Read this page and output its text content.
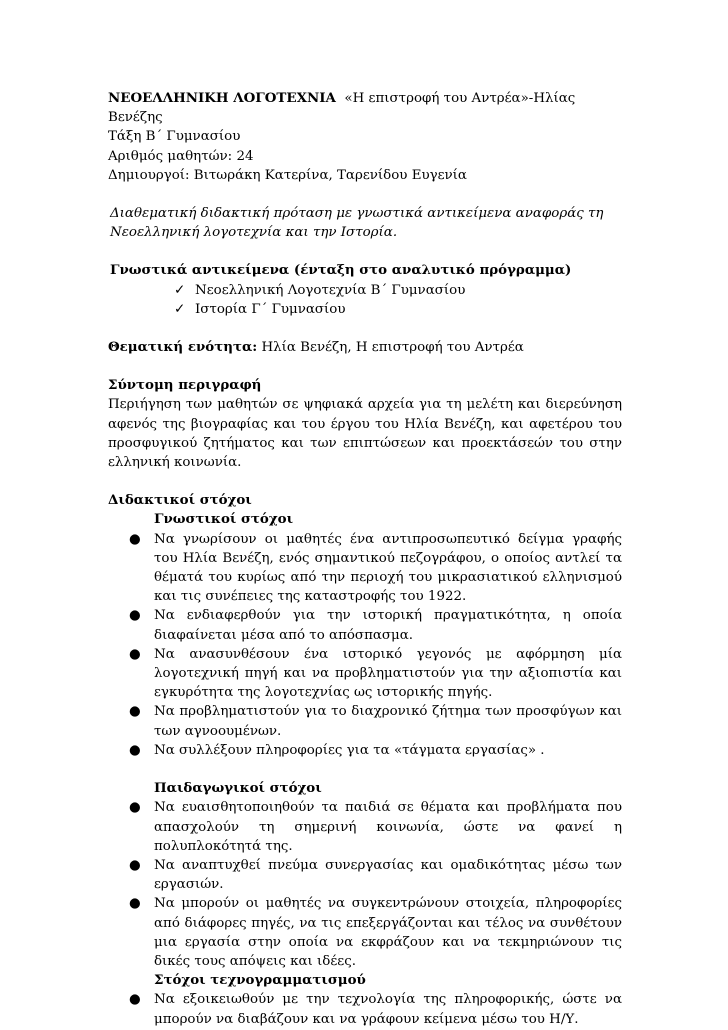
ΝΕΟΕΛΛΗΝΙΚΗ ΛΟΓΟΤΕΧΝΙΑ «Η επιστροφή του Αντρέα»-Ηλίας Βενέζης

Τάξη Β΄ Γυμνασίου

Αριθμός μαθητών: 24

Δημιουργοί: Βιτωράκη Κατερίνα, Ταρενίδου Ευγενία

Διαθεματική διδακτική πρόταση με γνωστικά αντικείμενα αναφοράς τη Νεοελληνική λογοτεχνία και την Ιστορία.

Γνωστικά αντικείμενα (ένταξη στο αναλυτικό πρόγραμμα)

✓ Νεοελληνική Λογοτεχνία Β΄ Γυμνασίου
✓ Ιστορία Γ΄ Γυμνασίου

Θεματική ενότητα: Ηλία Βενέζη, Η επιστροφή του Αντρέα

Σύντομη περιγραφή

Περιήγηση των μαθητών σε ψηφιακά αρχεία για τη μελέτη και διερεύνηση αφενός της βιογραφίας και του έργου του Ηλία Βενέζη, και αφετέρου του προσφυγικού ζητήματος και των επιπτώσεων και προεκτάσεών του στην ελληνική κοινωνία.

Διδακτικοί στόχοι

Γνωστικοί στόχοι

● Να γνωρίσουν οι μαθητές ένα αντιπροσωπευτικό δείγμα γραφής του Ηλία Βενέζη, ενός σημαντικού πεζογράφου, ο οποίος αντλεί τα θέματά του κυρίως από την περιοχή του μικρασιατικού ελληνισμού και τις συνέπειες της καταστροφής του 1922.
● Να ενδιαφερθούν για την ιστορική πραγματικότητα, η οποία διαφαίνεται μέσα από το απόσπασμα.
● Να ανασυνθέσουν ένα ιστορικό γεγονός με αφόρμηση μία λογοτεχνική πηγή και να προβληματιστούν για την αξιοπιστία και εγκυρότητα της λογοτεχνίας ως ιστορικής πηγής.
● Να προβληματιστούν για το διαχρονικό ζήτημα των προσφύγων και των αγνοουμένων.
● Να συλλέξουν πληροφορίες για τα «τάγματα εργασίας» .

Παιδαγωγικοί στόχοι

● Να ευαισθητοποιηθούν τα παιδιά σε θέματα και προβλήματα που απασχολούν τη σημερινή κοινωνία, ώστε να φανεί η πολυπλοκότητά της.
● Να αναπτυχθεί πνεύμα συνεργασίας και ομαδικότητας μέσω των εργασιών.
● Να μπορούν οι μαθητές να συγκεντρώνουν στοιχεία, πληροφορίες από διάφορες πηγές, να τις επεξεργάζονται και τέλος να συνθέτουν μια εργασία στην οποία να εκφράζουν και να τεκμηριώνουν τις δικές τους απόψεις και ιδέες.

Στόχοι τεχνογραμματισμού

● Να εξοικειωθούν με την τεχνολογία της πληροφορικής, ώστε να μπορούν να διαβάζουν και να γράφουν κείμενα μέσω του Η/Υ.
